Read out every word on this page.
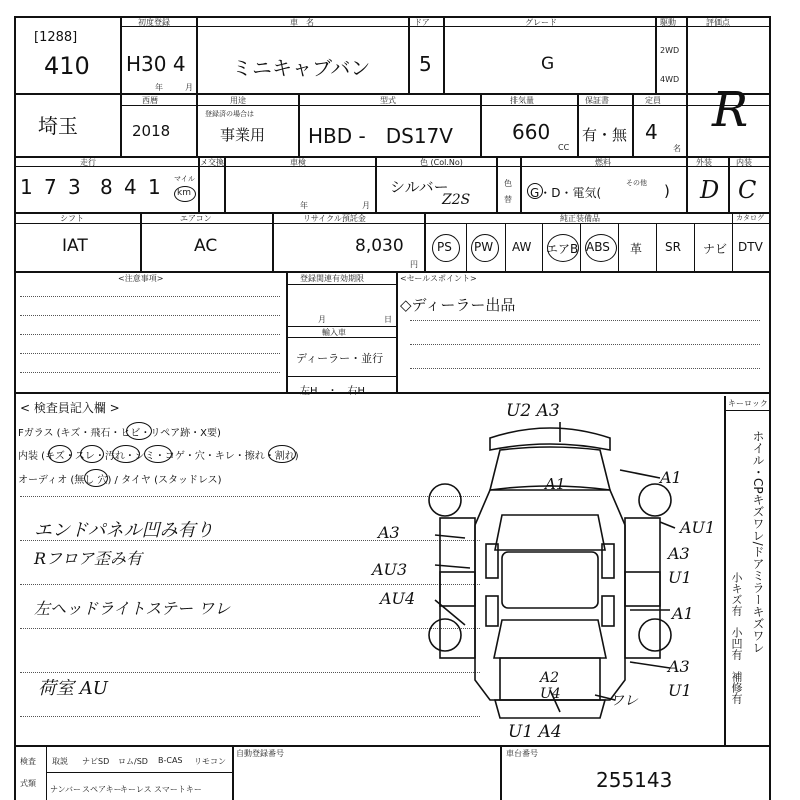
[1288]
410
初度登録
H30 4
年	月
車　名
ミニキャブバン
ドア
5
グレード
G
駆動
2WD
4WD
評価点
R
埼玉
西暦
2018
用途
登録済の場合は
事業用
型式
HBD -　DS17V
排気量
660
CC
保証書
有・無
定員
4
名
走行
1 7 3 8 4 1 マイル
km
メ交換	車検
年	月
色 (Col.No)
シルバー
Z2S
色
替
燃料
G・D・電気(
その他 )
外装
D
内装
C
シフト
IAT
エアコン
AC
リサイクル預託金
8,030
円
純正装備品	カタログ
PS PW AW エアB ABS 革 SR ナビ DTV
<注意事項>	登録関連有効期限
月	日
輸入車
ディーラー・並行
左H　・　右H
<セールスポイント>
◇ディーラー出品
< 検査員記入欄 >
Fガラス (キズ・飛石・ヒビ・リペア跡・X要)
内装 (キズ・スレ・汚れ・シミ・コゲ・穴・キレ・擦れ・割れ)
オーディオ (無し 穴) / タイヤ (スタッドレス)
エンドパネル凹み有り
Rフロア歪み有
左ヘッドライトステー ワレ
荷室 AU
キーロック
ホイル・CPキズワレ/ドアミラーキズワレ
小キズ有　小凹有　補修有
U2 A3
A1	A1
AU1
A3
U1
A1
A3
U1
A3
AU3
AU4
A2
U4	ワレ
U1 A4
検査
式類
取説 ナビSD ロム/SD B-CAS リモコン
ナンバー スペアキー
キーレス スマートキー
自動登録番号	車台番号
255143
